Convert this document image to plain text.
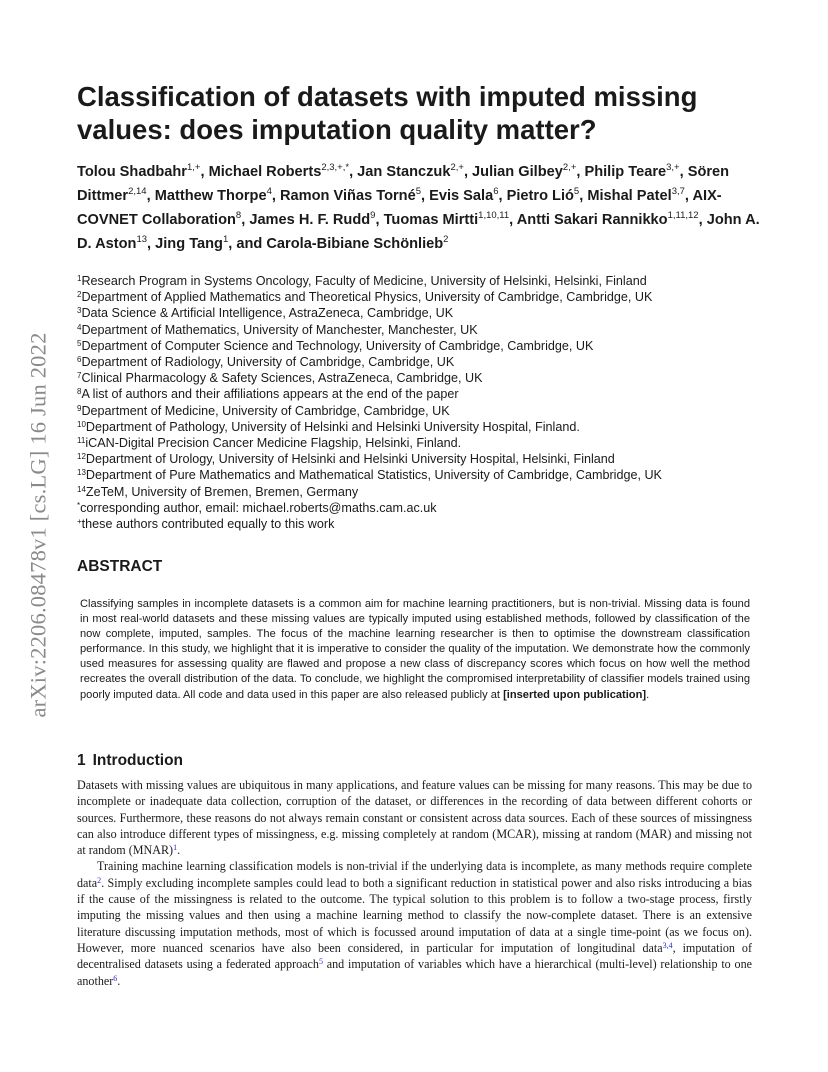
arXiv:2206.08478v1 [cs.LG] 16 Jun 2022
Classification of datasets with imputed missing values: does imputation quality matter?

Tolou Shadbahr$^{1,+}$, Michael Roberts$^{2,3,+,*}$, Jan Stanczuk$^{2,+}$, Julian Gilbey$^{2,+}$, Philip Teare$^{3,+}$, Sören Dittmer$^{2,14}$, Matthew Thorpe$^4$, Ramon Viñas Torné$^5$, Evis Sala$^6$, Pietro Lió$^5$, Mishal Patel$^{3,7}$, AIX-COVNET Collaboration$^8$, James H. F. Rudd$^9$, Tuomas Mirtti$^{1,10,11}$, Antti Sakari Rannikko$^{1,11,12}$, John A. D. Aston$^{13}$, Jing Tang$^1$, and Carola-Bibiane Schönlieb$^2$

$^1$Research Program in Systems Oncology, Faculty of Medicine, University of Helsinki, Helsinki, Finland
$^2$Department of Applied Mathematics and Theoretical Physics, University of Cambridge, Cambridge, UK
$^3$Data Science & Artificial Intelligence, AstraZeneca, Cambridge, UK
$^4$Department of Mathematics, University of Manchester, Manchester, UK
$^5$Department of Computer Science and Technology, University of Cambridge, Cambridge, UK
$^6$Department of Radiology, University of Cambridge, Cambridge, UK
$^7$Clinical Pharmacology & Safety Sciences, AstraZeneca, Cambridge, UK
$^8$A list of authors and their affiliations appears at the end of the paper
$^9$Department of Medicine, University of Cambridge, Cambridge, UK
$^{10}$Department of Pathology, University of Helsinki and Helsinki University Hospital, Finland.
$^{11}$iCAN-Digital Precision Cancer Medicine Flagship, Helsinki, Finland.
$^{12}$Department of Urology, University of Helsinki and Helsinki University Hospital, Helsinki, Finland
$^{13}$Department of Pure Mathematics and Mathematical Statistics, University of Cambridge, Cambridge, UK
$^{14}$ZeTeM, University of Bremen, Bremen, Germany
*corresponding author, email: michael.roberts@maths.cam.ac.uk
+these authors contributed equally to this work
ABSTRACT

Classifying samples in incomplete datasets is a common aim for machine learning practitioners, but is non-trivial. Missing data is found in most real-world datasets and these missing values are typically imputed using established methods, followed by classification of the now complete, imputed, samples. The focus of the machine learning researcher is then to optimise the downstream classification performance. In this study, we highlight that it is imperative to consider the quality of the imputation. We demonstrate how the commonly used measures for assessing quality are flawed and propose a new class of discrepancy scores which focus on how well the method recreates the overall distribution of the data. To conclude, we highlight the compromised interpretability of classifier models trained using poorly imputed data. All code and data used in this paper are also released publicly at [inserted upon publication].

1 Introduction

Datasets with missing values are ubiquitous in many applications, and feature values can be missing for many reasons. This may be due to incomplete or inadequate data collection, corruption of the dataset, or differences in the recording of data between different cohorts or sources. Furthermore, these reasons do not always remain constant or consistent across data sources. Each of these sources of missingness can also introduce different types of missingness, e.g. missing completely at random (MCAR), missing at random (MAR) and missing not at random (MNAR)$^1$.

Training machine learning classification models is non-trivial if the underlying data is incomplete, as many methods require complete data$^2$. Simply excluding incomplete samples could lead to both a significant reduction in statistical power and also risks introducing a bias if the cause of the missingness is related to the outcome. The typical solution to this problem is to follow a two-stage process, firstly imputing the missing values and then using a machine learning method to classify the now-complete dataset. There is an extensive literature discussing imputation methods, most of which is focussed around imputation of data at a single time-point (as we focus on). However, more nuanced scenarios have also been considered, in particular for imputation of longitudinal data$^{3,4}$, imputation of decentralised datasets using a federated approach$^5$ and imputation of variables which have a hierarchical (multi-level) relationship to one another$^6$.
